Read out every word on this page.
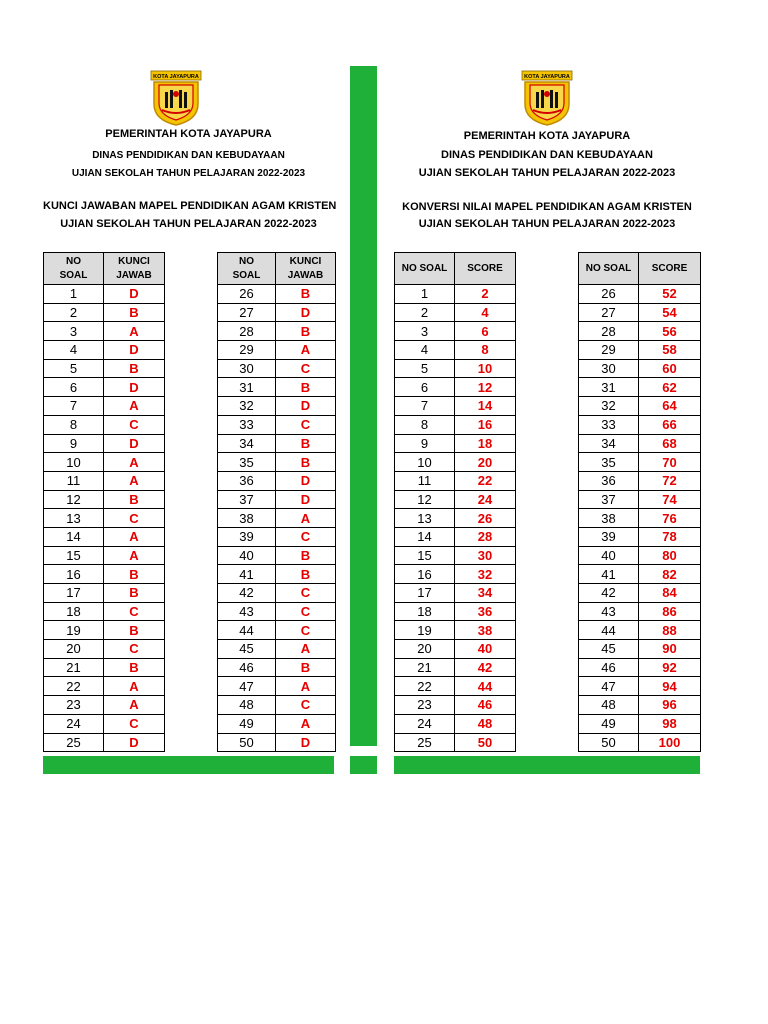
KOTA JAYAPURA	KOTA JAYAPURA
PEMERINTAH KOTA JAYAPURA
DINAS PENDIDIKAN DAN KEBUDAYAAN
UJIAN SEKOLAH TAHUN PELAJARAN 2022-2023
KUNCI JAWABAN MAPEL PENDIDIKAN AGAM KRISTEN
UJIAN SEKOLAH TAHUN PELAJARAN 2022-2023
PEMERINTAH KOTA JAYAPURA
DINAS PENDIDIKAN DAN KEBUDAYAAN
UJIAN SEKOLAH TAHUN PELAJARAN 2022-2023
KONVERSI NILAI MAPEL PENDIDIKAN AGAM KRISTEN
UJIAN SEKOLAH TAHUN PELAJARAN 2022-2023
NO
SOAL	KUNCI
JAWAB
1	D
2	B
3	A
4	D
5	B
6	D
7	A
8	C
9	D
10	A
11	A
12	B
13	C
14	A
15	A
16	B
17	B
18	C
19	B
20	C
21	B
22	A
23	A
24	C
25	D
NO
SOAL	KUNCI
JAWAB
26	B
27	D
28	B
29	A
30	C
31	B
32	D
33	C
34	B
35	B
36	D
37	D
38	A
39	C
40	B
41	B
42	C
43	C
44	C
45	A
46	B
47	A
48	C
49	A
50	D
NO SOAL	SCORE
1	2
2	4
3	6
4	8
5	10
6	12
7	14
8	16
9	18
10	20
11	22
12	24
13	26
14	28
15	30
16	32
17	34
18	36
19	38
20	40
21	42
22	44
23	46
24	48
25	50
NO SOAL	SCORE
26	52
27	54
28	56
29	58
30	60
31	62
32	64
33	66
34	68
35	70
36	72
37	74
38	76
39	78
40	80
41	82
42	84
43	86
44	88
45	90
46	92
47	94
48	96
49	98
50	100
